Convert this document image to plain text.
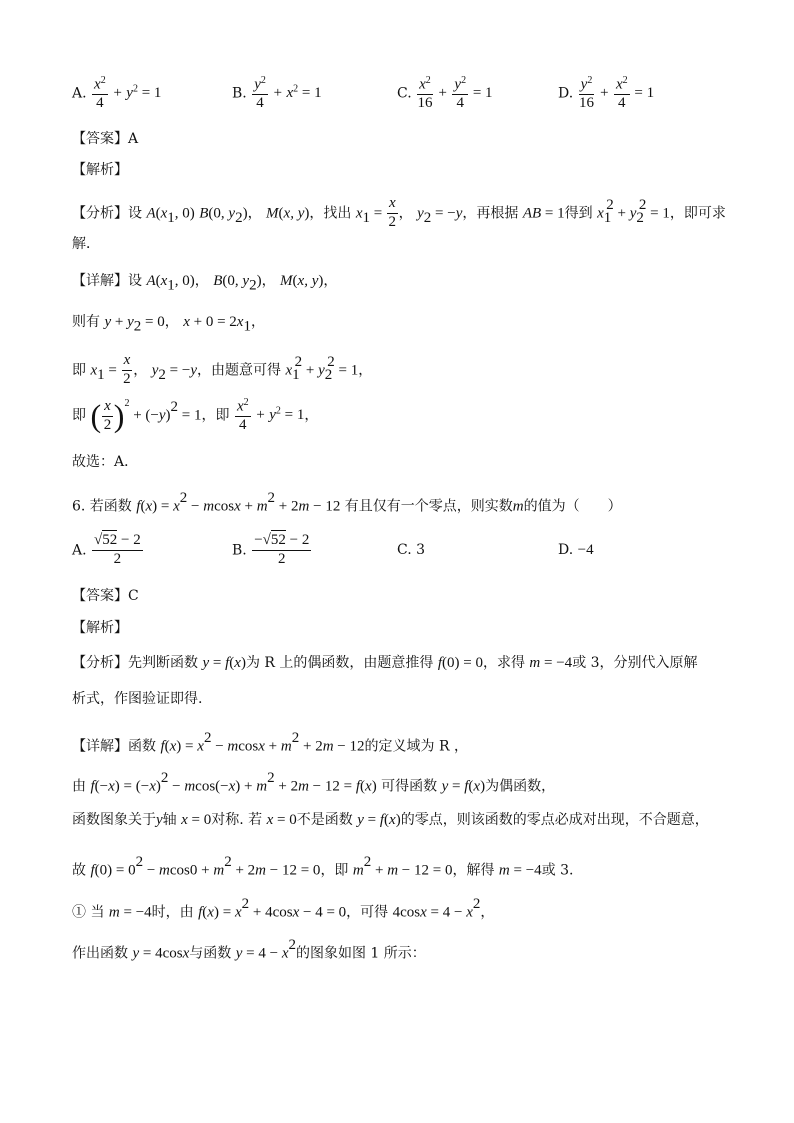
A. $\frac{x^2}{4} + y^2 = 1$	B. $\frac{y^2}{4} + x^2 = 1$	C. $\frac{x^2}{16} + \frac{y^2}{4} = 1$	D. $\frac{y^2}{16} + \frac{x^2}{4} = 1$
【答案】A
【解析】
【分析】设 $A(x_1$, 0) B(0, $y_2$)， M(x, y)，找出 $x_1 = \frac{x}{2}$ ， $y_2 = -y$，再根据 AB = 1得到 $x_1^2 + y_2^2 = 1$，即可求
解．
【详解】设 $A(x_1$, 0)， B(0, $y_2$)， M(x, y)，
则有 $y + y_2 = 0$， $x + 0 = 2x_1$，
即 $x_1 = \frac{x}{2}$ ， $y_2 = -y$，由题意可得 $x_1^2 + y_2^2 = 1$，
即 ( $\frac{x}{2} )^2 + (-y)^2 = 1$，即 $\frac{x^2}{4} + y^2 = 1$，
故选：A．
6. 若函数 $f(x) = x^2 - mcosx + m^2 + 2m - 12$ 有且仅有一个零点，则实数m的值为（　　）
A. $\frac{√52 - 2}{2}$	B. $\frac{-√52 - 2}{2}$	C. 3	D. −4
【答案】C
【解析】
【分析】先判断函数 y = f(x)为 R 上的偶函数，由题意推得 f(0) = 0，求得 m = −4或 3，分别代入原解
析式，作图验证即得.
【详解】函数 $f(x) = x^2 - mcosx + m^2 + 2m - 12$的定义域为 R ，
由 $f(-x) = (-x)^2 - mcos(-x) + m^2 + 2m - 12 = f(x)$ 可得函数 y = f(x)为偶函数，
函数图象关于y轴 x = 0对称. 若 x = 0不是函数 y = f(x)的零点，则该函数的零点必成对出现，不合题意，
故 $f(0) = 0^2 - mcos0 + m^2 + 2m - 12 = 0$，即 $m^2 + m - 12 = 0$，解得 m = −4或 3.
① 当 m = −4时，由 $f(x) = x^2 + 4\cos x - 4 = 0$，可得 $4\cos x = 4 - x^2$，
作出函数 y = 4cosx与函数 $y = 4 - x^2$的图象如图 1 所示：
